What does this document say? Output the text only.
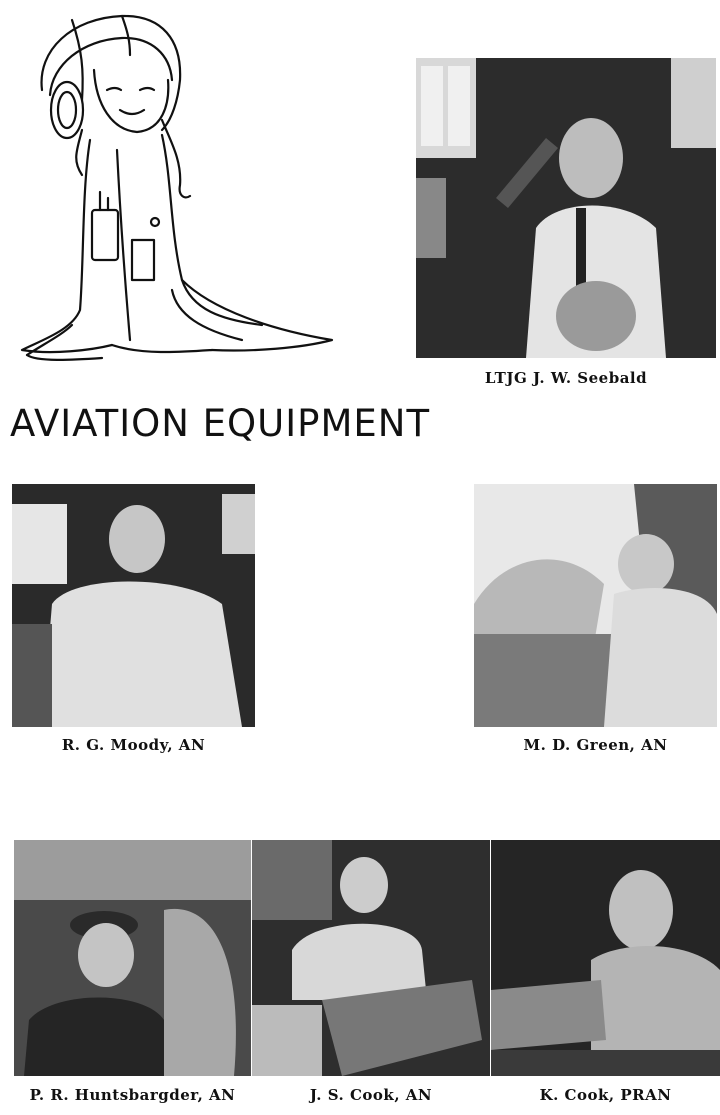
LTJG J. W. Seebald
AVIATION EQUIPMENT
R. G. Moody, AN	M. D. Green, AN
P. R. Huntsbargder, AN	J. S. Cook, AN	K. Cook, PRAN
